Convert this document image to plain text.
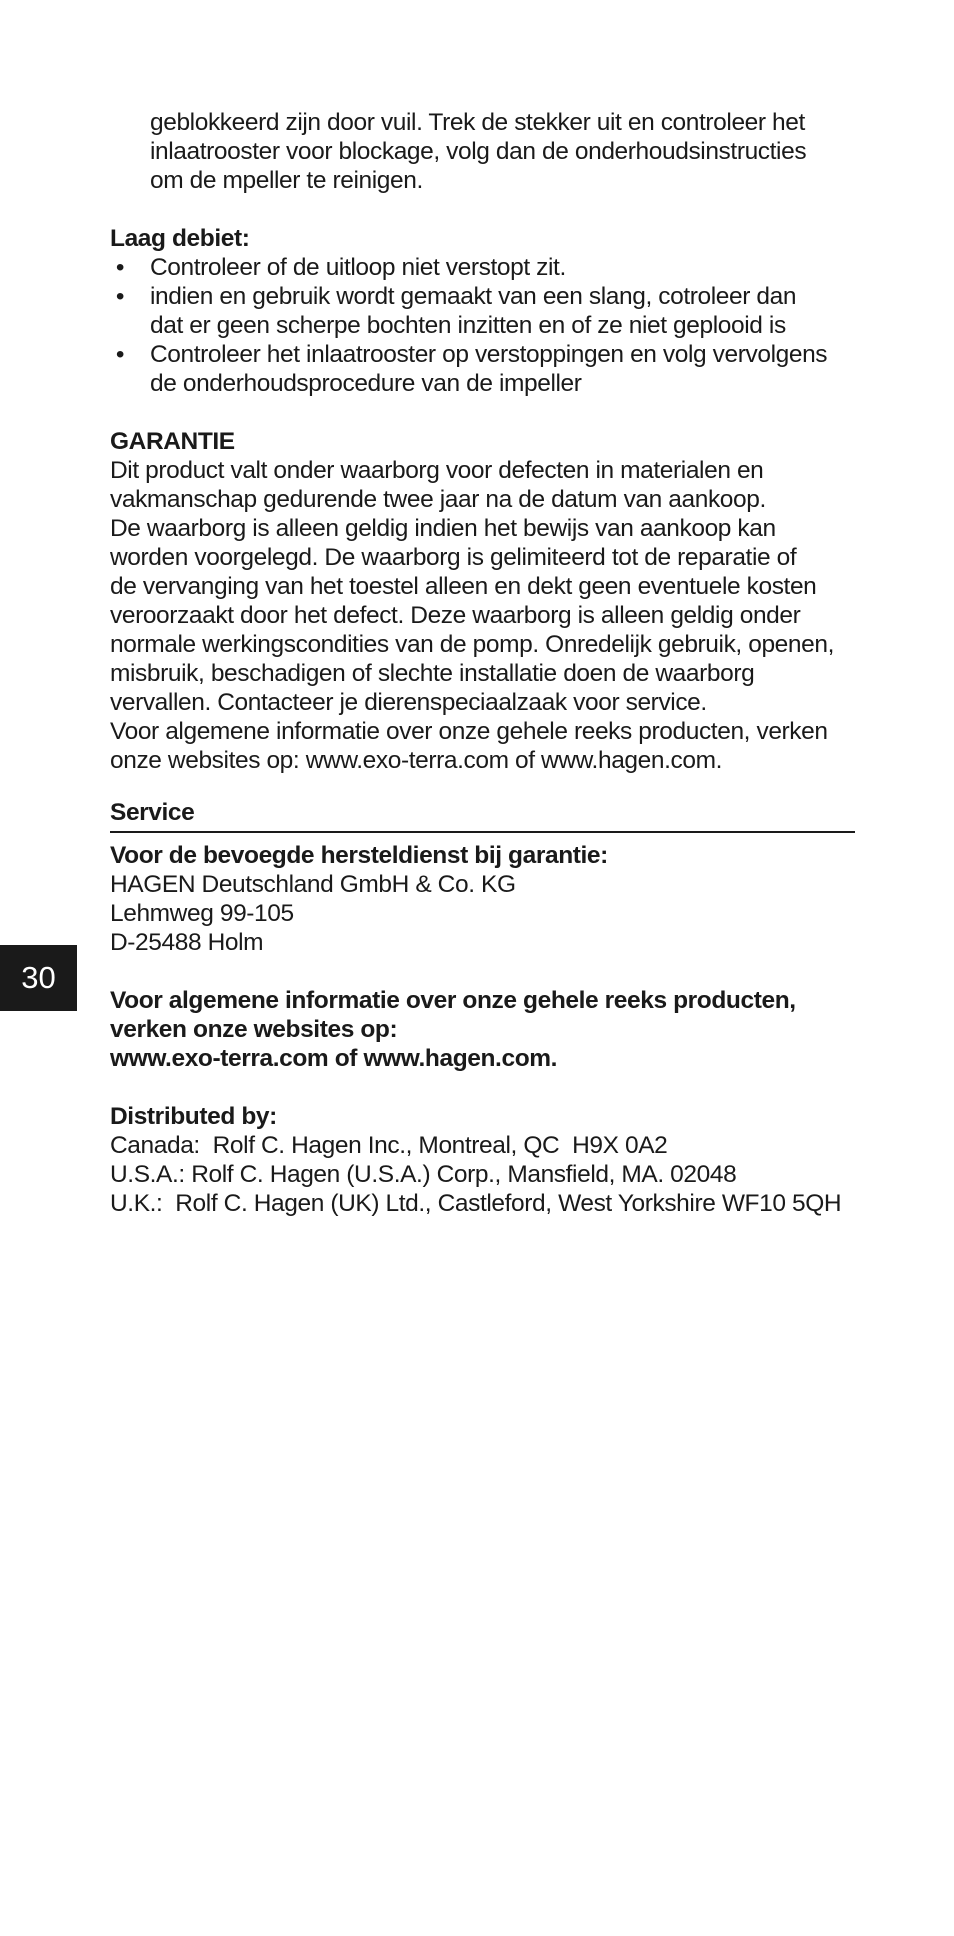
geblokkeerd zijn door vuil. Trek de stekker uit en controleer het
inlaatrooster voor blockage, volg dan de onderhoudsinstructies
om de mpeller te reinigen.
Laag debiet:
• Controleer of de uitloop niet verstopt zit.
• indien en gebruik wordt gemaakt van een slang, cotroleer dan
dat er geen scherpe bochten inzitten en of ze niet geplooid is
• Controleer het inlaatrooster op verstoppingen en volg vervolgens
de onderhoudsprocedure van de impeller
GARANTIE
Dit product valt onder waarborg voor defecten in materialen en
vakmanschap gedurende twee jaar na de datum van aankoop.
De waarborg is alleen geldig indien het bewijs van aankoop kan
worden voorgelegd. De waarborg is gelimiteerd tot de reparatie of
de vervanging van het toestel alleen en dekt geen eventuele kosten
veroorzaakt door het defect. Deze waarborg is alleen geldig onder
normale werkingscondities van de pomp. Onredelijk gebruik, openen,
misbruik, beschadigen of slechte installatie doen de waarborg
vervallen. Contacteer je dierenspeciaalzaak voor service.
Voor algemene informatie over onze gehele reeks producten, verken
onze websites op: www.exo-terra.com of www.hagen.com.
Service
Voor de bevoegde hersteldienst bij garantie:
HAGEN Deutschland GmbH & Co. KG
Lehmweg 99-105
D-25488 Holm
Voor algemene informatie over onze gehele reeks producten,
verken onze websites op:
www.exo-terra.com of www.hagen.com.
Distributed by:
Canada:  Rolf C. Hagen Inc., Montreal, QC  H9X 0A2
U.S.A.: Rolf C. Hagen (U.S.A.) Corp., Mansfield, MA. 02048
U.K.:  Rolf C. Hagen (UK) Ltd., Castleford, West Yorkshire WF10 5QH
30
